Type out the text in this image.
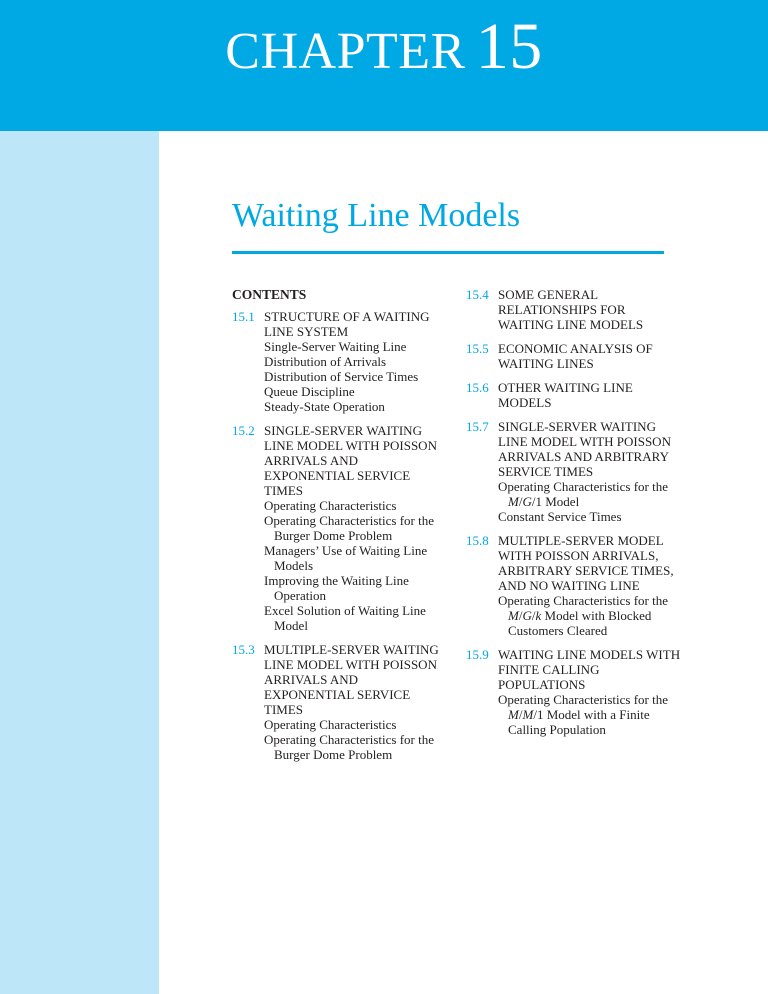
CHAPTER 15
Waiting Line Models
CONTENTS
15.1 STRUCTURE OF A WAITING LINE SYSTEM
Single-Server Waiting Line
Distribution of Arrivals
Distribution of Service Times
Queue Discipline
Steady-State Operation
15.2 SINGLE-SERVER WAITING LINE MODEL WITH POISSON ARRIVALS AND EXPONENTIAL SERVICE TIMES
Operating Characteristics
Operating Characteristics for the Burger Dome Problem
Managers’ Use of Waiting Line Models
Improving the Waiting Line Operation
Excel Solution of Waiting Line Model
15.3 MULTIPLE-SERVER WAITING LINE MODEL WITH POISSON ARRIVALS AND EXPONENTIAL SERVICE TIMES
Operating Characteristics
Operating Characteristics for the Burger Dome Problem
15.4 SOME GENERAL RELATIONSHIPS FOR WAITING LINE MODELS
15.5 ECONOMIC ANALYSIS OF WAITING LINES
15.6 OTHER WAITING LINE MODELS
15.7 SINGLE-SERVER WAITING LINE MODEL WITH POISSON ARRIVALS AND ARBITRARY SERVICE TIMES
Operating Characteristics for the
M/G/1 Model
Constant Service Times
15.8 MULTIPLE-SERVER MODEL WITH POISSON ARRIVALS, ARBITRARY SERVICE TIMES, AND NO WAITING LINE
Operating Characteristics for the
M/G/k Model with Blocked Customers Cleared
15.9 WAITING LINE MODELS WITH FINITE CALLING POPULATIONS
Operating Characteristics for the
M/M/1 Model with a Finite Calling Population
